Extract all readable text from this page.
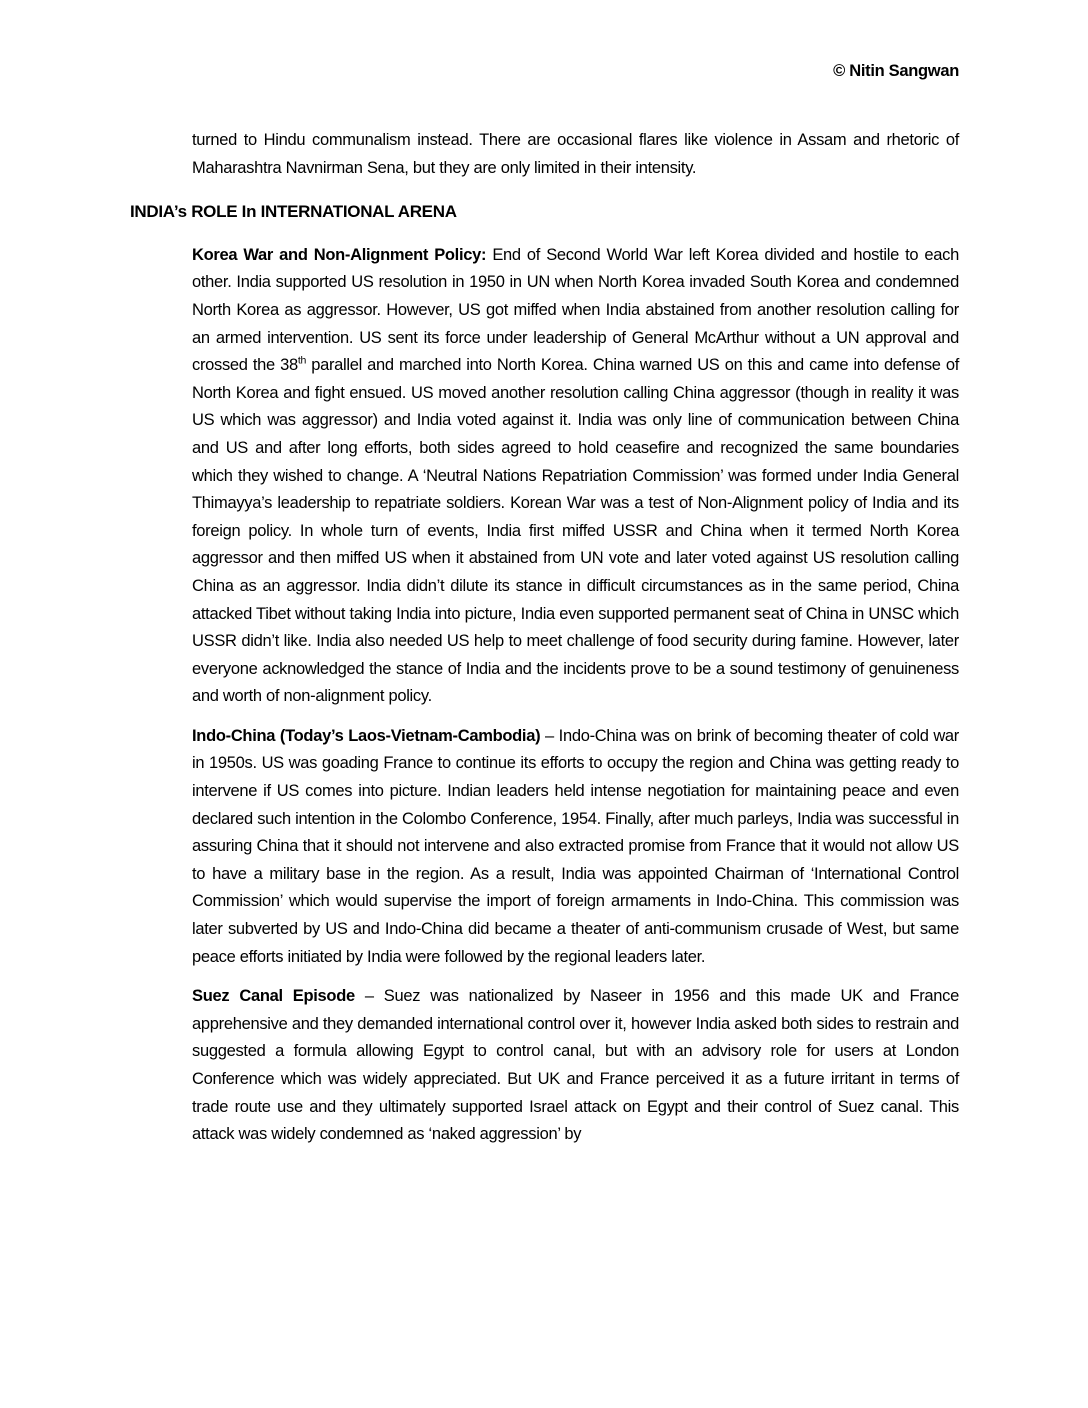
© Nitin Sangwan

turned to Hindu communalism instead. There are occasional flares like violence in Assam and rhetoric of Maharashtra Navnirman Sena, but they are only limited in their intensity.

INDIA’s ROLE In INTERNATIONAL ARENA

Korea War and Non-Alignment Policy: End of Second World War left Korea divided and hostile to each other. India supported US resolution in 1950 in UN when North Korea invaded South Korea and condemned North Korea as aggressor. However, US got miffed when India abstained from another resolution calling for an armed intervention. US sent its force under leadership of General McArthur without a UN approval and crossed the 38th parallel and marched into North Korea. China warned US on this and came into defense of North Korea and fight ensued. US moved another resolution calling China aggressor (though in reality it was US which was aggressor) and India voted against it. India was only line of communication between China and US and after long efforts, both sides agreed to hold ceasefire and recognized the same boundaries which they wished to change. A ‘Neutral Nations Repatriation Commission’ was formed under India General Thimayya’s leadership to repatriate soldiers. Korean War was a test of Non-Alignment policy of India and its foreign policy. In whole turn of events, India first miffed USSR and China when it termed North Korea aggressor and then miffed US when it abstained from UN vote and later voted against US resolution calling China as an aggressor. India didn’t dilute its stance in difficult circumstances as in the same period, China attacked Tibet without taking India into picture, India even supported permanent seat of China in UNSC which USSR didn’t like. India also needed US help to meet challenge of food security during famine. However, later everyone acknowledged the stance of India and the incidents prove to be a sound testimony of genuineness and worth of non-alignment policy.

Indo-China (Today’s Laos-Vietnam-Cambodia) – Indo-China was on brink of becoming theater of cold war in 1950s. US was goading France to continue its efforts to occupy the region and China was getting ready to intervene if US comes into picture. Indian leaders held intense negotiation for maintaining peace and even declared such intention in the Colombo Conference, 1954. Finally, after much parleys, India was successful in assuring China that it should not intervene and also extracted promise from France that it would not allow US to have a military base in the region. As a result, India was appointed Chairman of ‘International Control Commission’ which would supervise the import of foreign armaments in Indo-China. This commission was later subverted by US and Indo-China did became a theater of anti-communism crusade of West, but same peace efforts initiated by India were followed by the regional leaders later.

Suez Canal Episode – Suez was nationalized by Naseer in 1956 and this made UK and France apprehensive and they demanded international control over it, however India asked both sides to restrain and suggested a formula allowing Egypt to control canal, but with an advisory role for users at London Conference which was widely appreciated. But UK and France perceived it as a future irritant in terms of trade route use and they ultimately supported Israel attack on Egypt and their control of Suez canal. This attack was widely condemned as ‘naked aggression’ by
